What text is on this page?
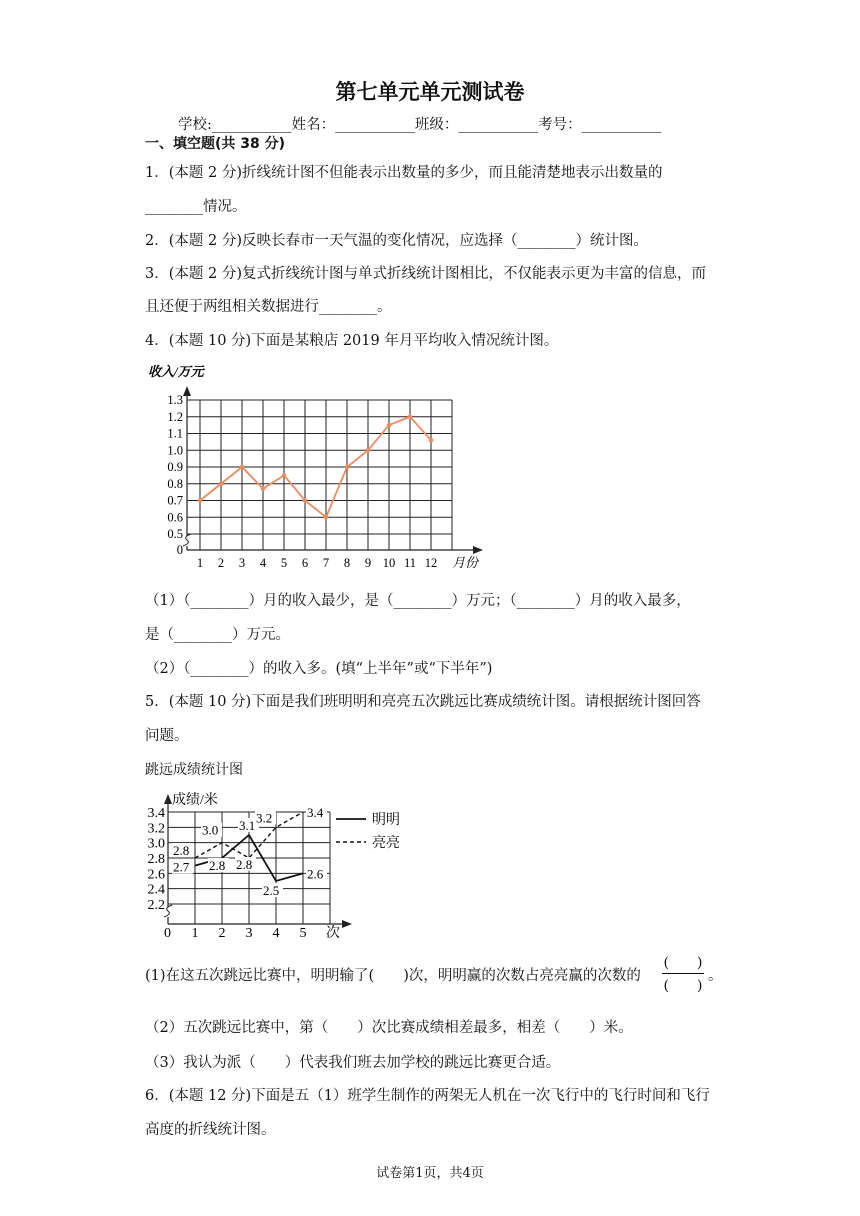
第七单元单元测试卷
学校:___________姓名：___________班级：___________考号：___________
一、填空题(共 38 分)
1．(本题 2 分)折线统计图不但能表示出数量的多少，而且能清楚地表示出数量的
________情况。
2．(本题 2 分)反映长春市一天气温的变化情况，应选择（________）统计图。
3．(本题 2 分)复式折线统计图与单式折线统计图相比，不仅能表示更为丰富的信息，而
且还便于两组相关数据进行________。
4．(本题 10 分)下面是某粮店 2019 年月平均收入情况统计图。
收入/万元
0
0.5
0.6
0.7
0.8
0.9
1.0
1.1
1.2
1.3
1 2 3 4 5 6 7 8 9 10 11 12 月份
（1）（________）月的收入最少，是（________）万元；（________）月的收入最多，
是（________）万元。
（2）（________）的收入多。(填“上半年”或“下半年”)
5．(本题 10 分)下面是我们班明明和亮亮五次跳远比赛成绩统计图。请根据统计图回答
问题。
跳远成绩统计图
成绩/米
2.2
2.4
2.6
2.8
3.0
3.2
3.4
1 2 3 4 5
2.7 2.8
3.1
2.5
2.6
2.8
3.0
2.8
3.2	3.4
明明
亮亮
次
0
(1)在这五次跳远比赛中，明明输了(　　)次，明明赢的次数占亮亮赢的次数的
(　　)
(　　)
。
（2）五次跳远比赛中，第（　　）次比赛成绩相差最多，相差（　　）米。
（3）我认为派（　　）代表我们班去加学校的跳远比赛更合适。
6．(本题 12 分)下面是五（1）班学生制作的两架无人机在一次飞行中的飞行时间和飞行
高度的折线统计图。
试卷第1页，共4页
